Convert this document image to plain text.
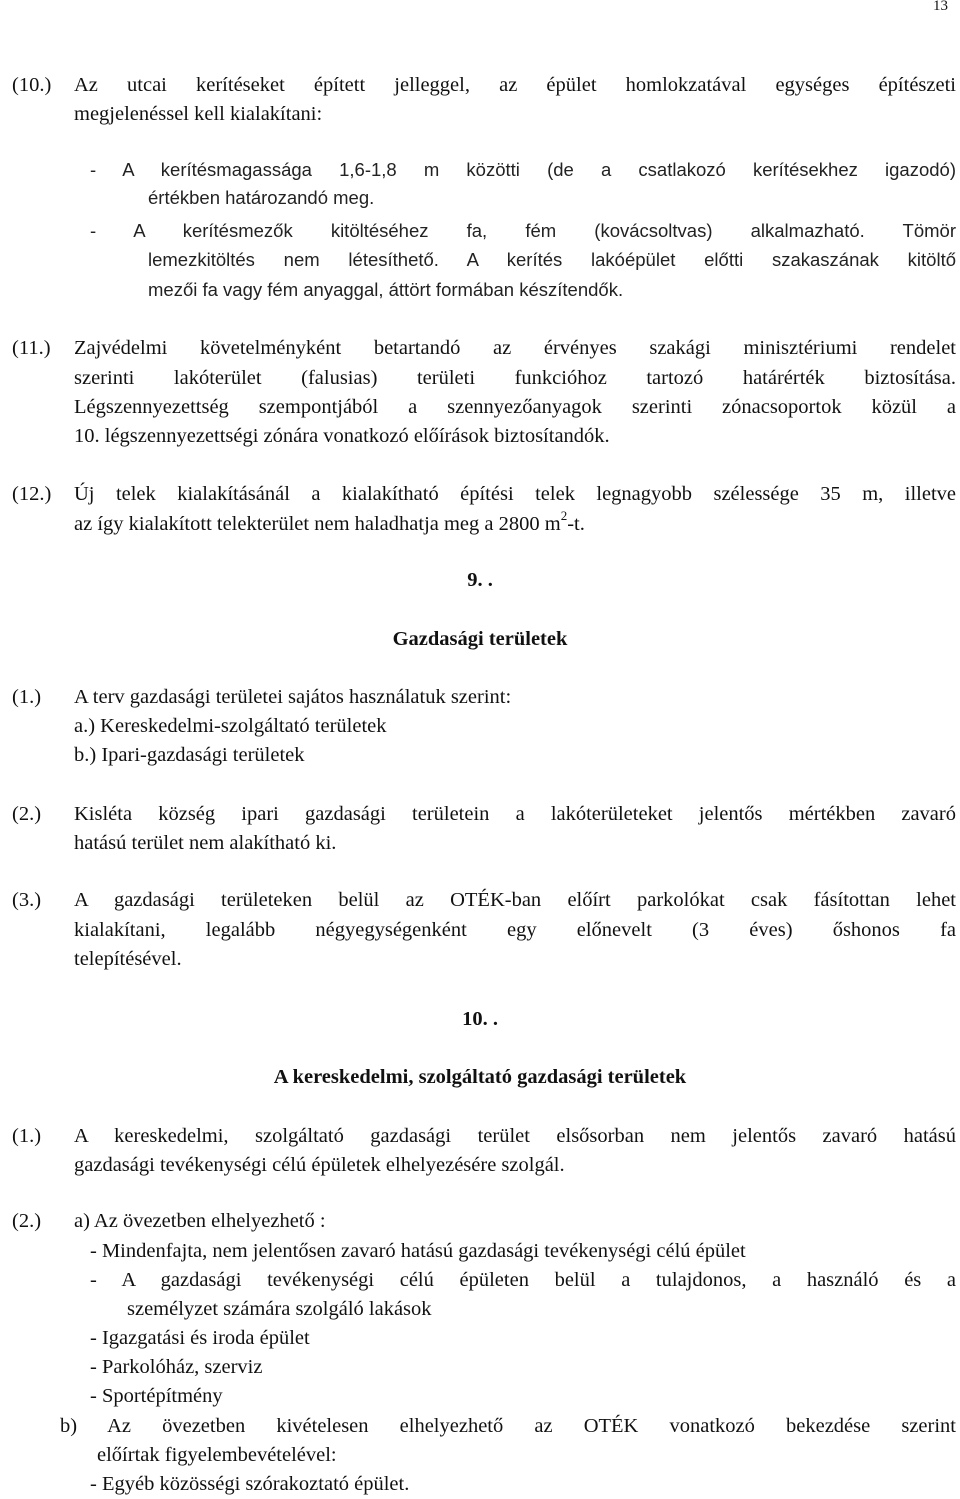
13
(10.) Az utcai kerítéseket épített jelleggel, az épület homlokzatával egységes építészeti
megjelenéssel kell kialakítani:
- A kerítésmagassága 1,6-1,8 m közötti (de a csatlakozó kerítésekhez igazodó)
értékben határozandó meg.
- A kerítésmezők kitöltéséhez fa, fém (kovácsoltvas) alkalmazható. Tömör
lemezkitöltés nem létesíthető. A kerítés lakóépület előtti szakaszának kitöltő
mezői fa vagy fém anyaggal, áttört formában készítendők.
(11.) Zajvédelmi követelményként betartandó az érvényes szakági minisztériumi rendelet
szerinti lakóterület (falusias) területi funkcióhoz tartozó határérték biztosítása.
Légszennyezettség szempontjából a szennyezőanyagok szerinti zónacsoportok közül a
10. légszennyezettségi zónára vonatkozó előírások biztosítandók.
(12.) Új telek kialakításánál a kialakítható építési telek legnagyobb szélessége 35 m, illetve
az így kialakított telekterület nem haladhatja meg a 2800 $m^2-t$.
9. .
Gazdasági területek
(1.) A terv gazdasági területei sajátos használatuk szerint:
a.) Kereskedelmi-szolgáltató területek
b.) Ipari-gazdasági területek
(2.) Kisléta község ipari gazdasági területein a lakóterületeket jelentős mértékben zavaró
hatású terület nem alakítható ki.
(3.) A gazdasági területeken belül az OTÉK-ban előírt parkolókat csak fásítottan lehet
kialakítani, legalább négyegységenként egy előnevelt (3 éves) őshonos fa
telepítésével.
10. .
A kereskedelmi, szolgáltató gazdasági területek
(1.) A kereskedelmi, szolgáltató gazdasági terület elsősorban nem jelentős zavaró hatású
gazdasági tevékenységi célú épületek elhelyezésére szolgál.
(2.) a) Az övezetben elhelyezhető :
- Mindenfajta, nem jelentősen zavaró hatású gazdasági tevékenységi célú épület
- A gazdasági tevékenységi célú épületen belül a tulajdonos, a használó és a
személyzet számára szolgáló lakások
- Igazgatási és iroda épület
- Parkolóház, szerviz
- Sportépítmény
b) Az övezetben kivételesen elhelyezhető az OTÉK vonatkozó bekezdése szerint
előírtak figyelembevételével:
- Egyéb közösségi szórakoztató épület.
